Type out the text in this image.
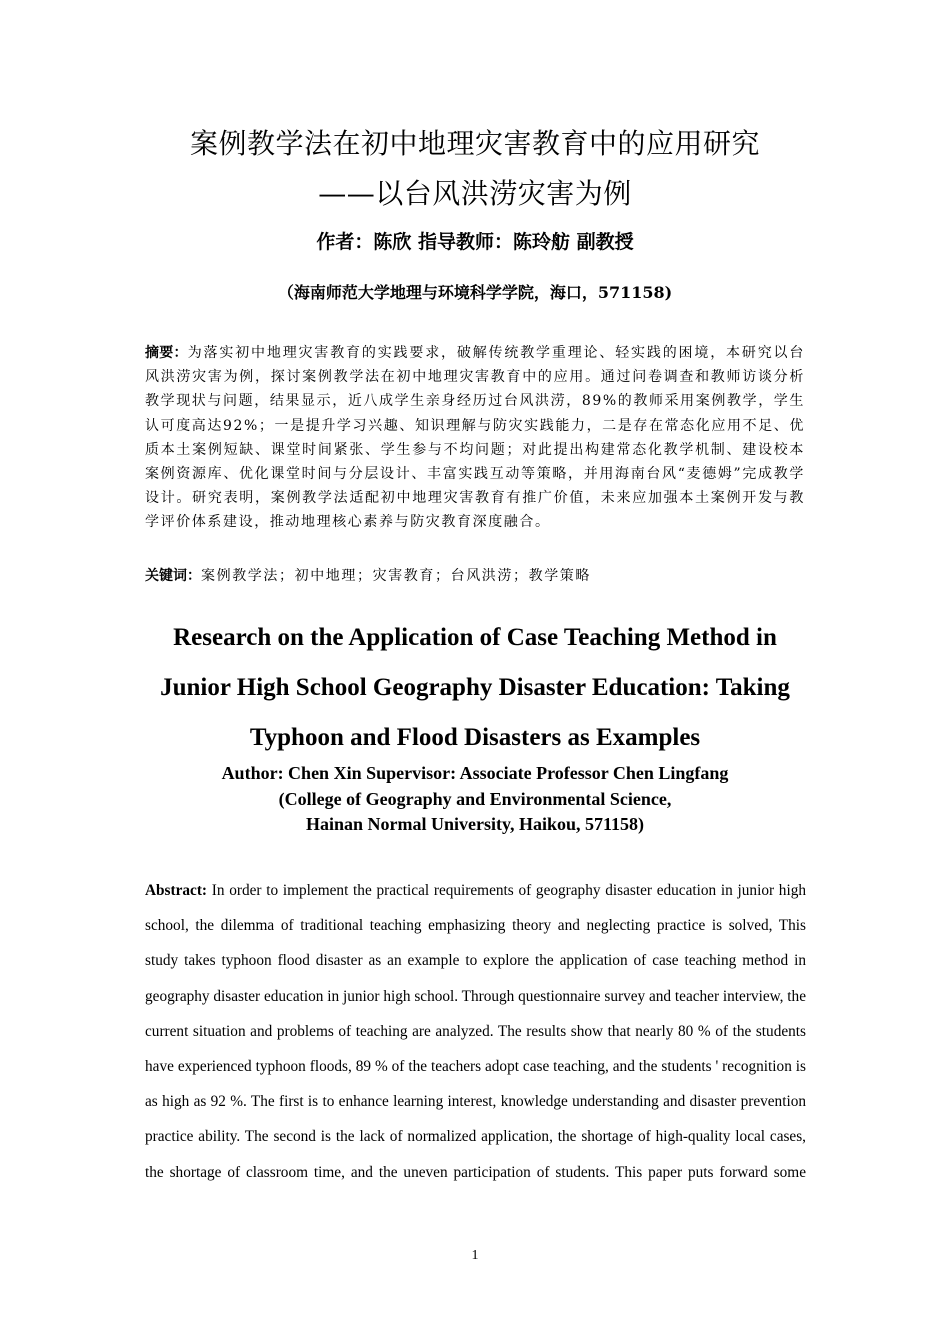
案例教学法在初中地理灾害教育中的应用研究
——以台风洪涝灾害为例
作者：陈欣 指导教师：陈玲舫 副教授
（海南师范大学地理与环境科学学院，海口，571158)
摘要：为落实初中地理灾害教育的实践要求，破解传统教学重理论、轻实践的困境，本研究以台风洪涝灾害为例，探讨案例教学法在初中地理灾害教育中的应用。通过问卷调查和教师访谈分析教学现状与问题，结果显示，近八成学生亲身经历过台风洪涝，89%的教师采用案例教学，学生认可度高达92%；一是提升学习兴趣、知识理解与防灾实践能力，二是存在常态化应用不足、优质本土案例短缺、课堂时间紧张、学生参与不均问题；对此提出构建常态化教学机制、建设校本案例资源库、优化课堂时间与分层设计、丰富实践互动等策略，并用海南台风“麦德姆”完成教学设计。研究表明，案例教学法适配初中地理灾害教育有推广价值，未来应加强本土案例开发与教学评价体系建设，推动地理核心素养与防灾教育深度融合。
关键词：案例教学法；初中地理；灾害教育；台风洪涝；教学策略
Research on the Application of Case Teaching Method in
Junior High School Geography Disaster Education: Taking
Typhoon and Flood Disasters as Examples
Author: Chen Xin Supervisor: Associate Professor Chen Lingfang
(College of Geography and Environmental Science,
Hainan Normal University, Haikou, 571158)
Abstract: In order to implement the practical requirements of geography disaster education in junior high school, the dilemma of traditional teaching emphasizing theory and neglecting practice is solved, This study takes typhoon flood disaster as an example to explore the application of case teaching method in geography disaster education in junior high school. Through questionnaire survey and teacher interview, the current situation and problems of teaching are analyzed. The results show that nearly 80 % of the students have experienced typhoon floods, 89 % of the teachers adopt case teaching, and the students ' recognition is as high as 92 %. The first is to enhance learning interest, knowledge understanding and disaster prevention practice ability. The second is the lack of normalized application, the shortage of high-quality local cases, the shortage of classroom time, and the uneven participation of students. This paper puts forward some
1
